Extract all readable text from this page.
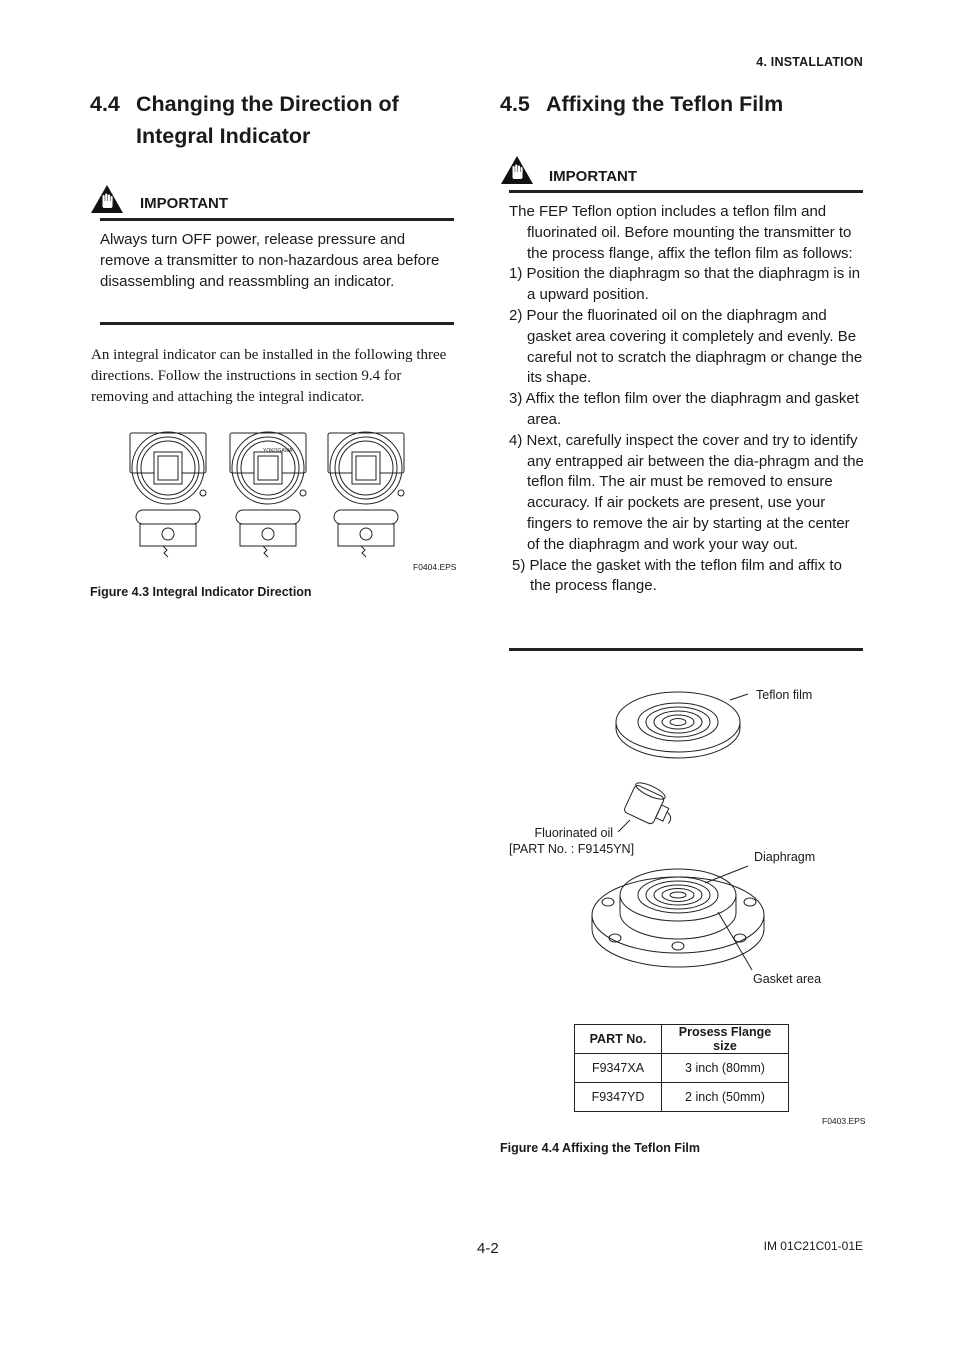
4. INSTALLATION
4.4 Changing the Direction of
Integral Indicator
IMPORTANT
Always turn OFF power, release pressure and remove a transmitter to non-hazardous area before disassembling and reassmbling an indicator.
An integral indicator can be installed in the following three directions. Follow the instructions in section 9.4 for removing and attaching the integral indicator.
YOKOGAWA
F0404.EPS
Figure 4.3 Integral Indicator Direction
4.5 Affixing the Teflon Film
IMPORTANT

The FEP Teflon option includes a teflon film and fluorinated oil. Before mounting the transmitter to the process flange, affix the teflon film as follows:

1) Position the diaphragm so that the diaphragm is in a upward position.

2) Pour the fluorinated oil on the diaphragm and gasket area covering it completely and evenly. Be careful not to scratch the diaphragm or change the its shape.

3) Affix the teflon film over the diaphragm and gasket area.

4) Next, carefully inspect the cover and try to identify any entrapped air between the dia-phragm and the teflon film. The air must be removed to ensure accuracy. If air pockets are present, use your fingers to remove the air by starting at the center of the diaphragm and work your way out.

5) Place the gasket with the teflon film and affix to the process flange.

Teflon film
Fluorinated oil
[PART No. : F9145YN]
Diaphragm
Gasket area
PART No.	Prosess Flange size
F9347XA	3 inch (80mm)
F9347YD	2 inch (50mm)
F0403.EPS
Figure 4.4 Affixing the Teflon Film
4-2	IM 01C21C01-01E
